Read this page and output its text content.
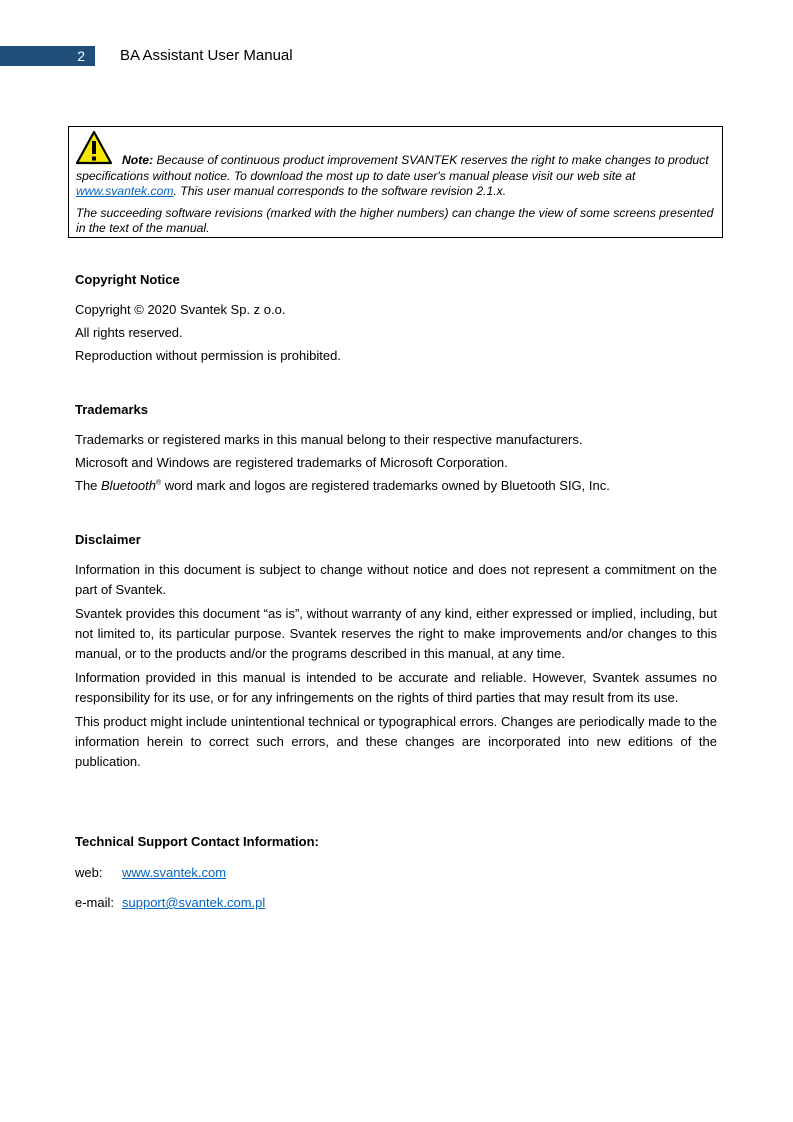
2	BA Assistant User Manual

Note: Because of continuous product improvement SVANTEK reserves the right to make changes to product specifications without notice. To download the most up to date user's manual please visit our web site at www.svantek.com. This user manual corresponds to the software revision 2.1.x.

The succeeding software revisions (marked with the higher numbers) can change the view of some screens presented in the text of the manual.

Copyright Notice
Copyright © 2020 Svantek Sp. z o.o.
All rights reserved.
Reproduction without permission is prohibited.
Trademarks
Trademarks or registered marks in this manual belong to their respective manufacturers.
Microsoft and Windows are registered trademarks of Microsoft Corporation.
The Bluetooth® word mark and logos are registered trademarks owned by Bluetooth SIG, Inc.
Disclaimer

Information in this document is subject to change without notice and does not represent a commitment on the part of Svantek.

Svantek provides this document “as is”, without warranty of any kind, either expressed or implied, including, but not limited to, its particular purpose. Svantek reserves the right to make improvements and/or changes to this manual, or to the products and/or the programs described in this manual, at any time.

Information provided in this manual is intended to be accurate and reliable. However, Svantek assumes no responsibility for its use, or for any infringements on the rights of third parties that may result from its use.

This product might include unintentional technical or typographical errors. Changes are periodically made to the information herein to correct such errors, and these changes are incorporated into new editions of the publication.

Technical Support Contact Information:
web: www.svantek.com
e-mail: support@svantek.com.pl
